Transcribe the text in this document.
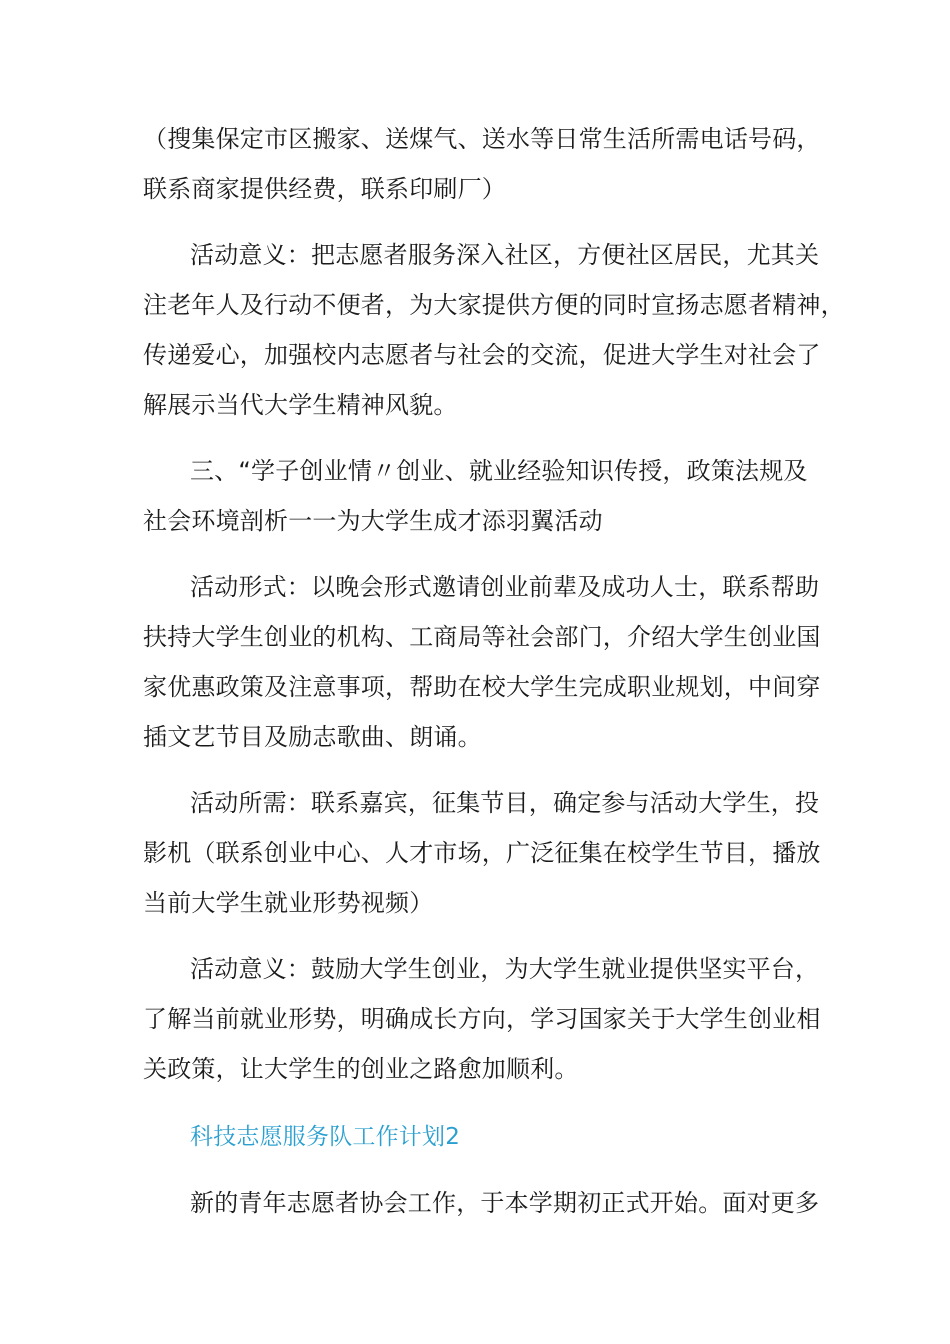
（搜集保定市区搬家、送煤气、送水等日常生活所需电话号码，
联系商家提供经费，联系印刷厂）
活动意义：把志愿者服务深入社区，方便社区居民，尤其关
注老年人及行动不便者，为大家提供方便的同时宣扬志愿者精神，
传递爱心，加强校内志愿者与社会的交流，促进大学生对社会了
解展示当代大学生精神风貌。
三、“学子创业情〃创业、就业经验知识传授，政策法规及
社会环境剖析一一为大学生成才添羽翼活动
活动形式：以晚会形式邀请创业前辈及成功人士，联系帮助
扶持大学生创业的机构、工商局等社会部门，介绍大学生创业国
家优惠政策及注意事项，帮助在校大学生完成职业规划，中间穿
插文艺节目及励志歌曲、朗诵。
活动所需：联系嘉宾，征集节目，确定参与活动大学生，投
影机（联系创业中心、人才市场，广泛征集在校学生节目，播放
当前大学生就业形势视频）
活动意义：鼓励大学生创业，为大学生就业提供坚实平台，
了解当前就业形势，明确成长方向，学习国家关于大学生创业相
关政策，让大学生的创业之路愈加顺利。
科技志愿服务队工作计划2
新的青年志愿者协会工作，于本学期初正式开始。面对更多
